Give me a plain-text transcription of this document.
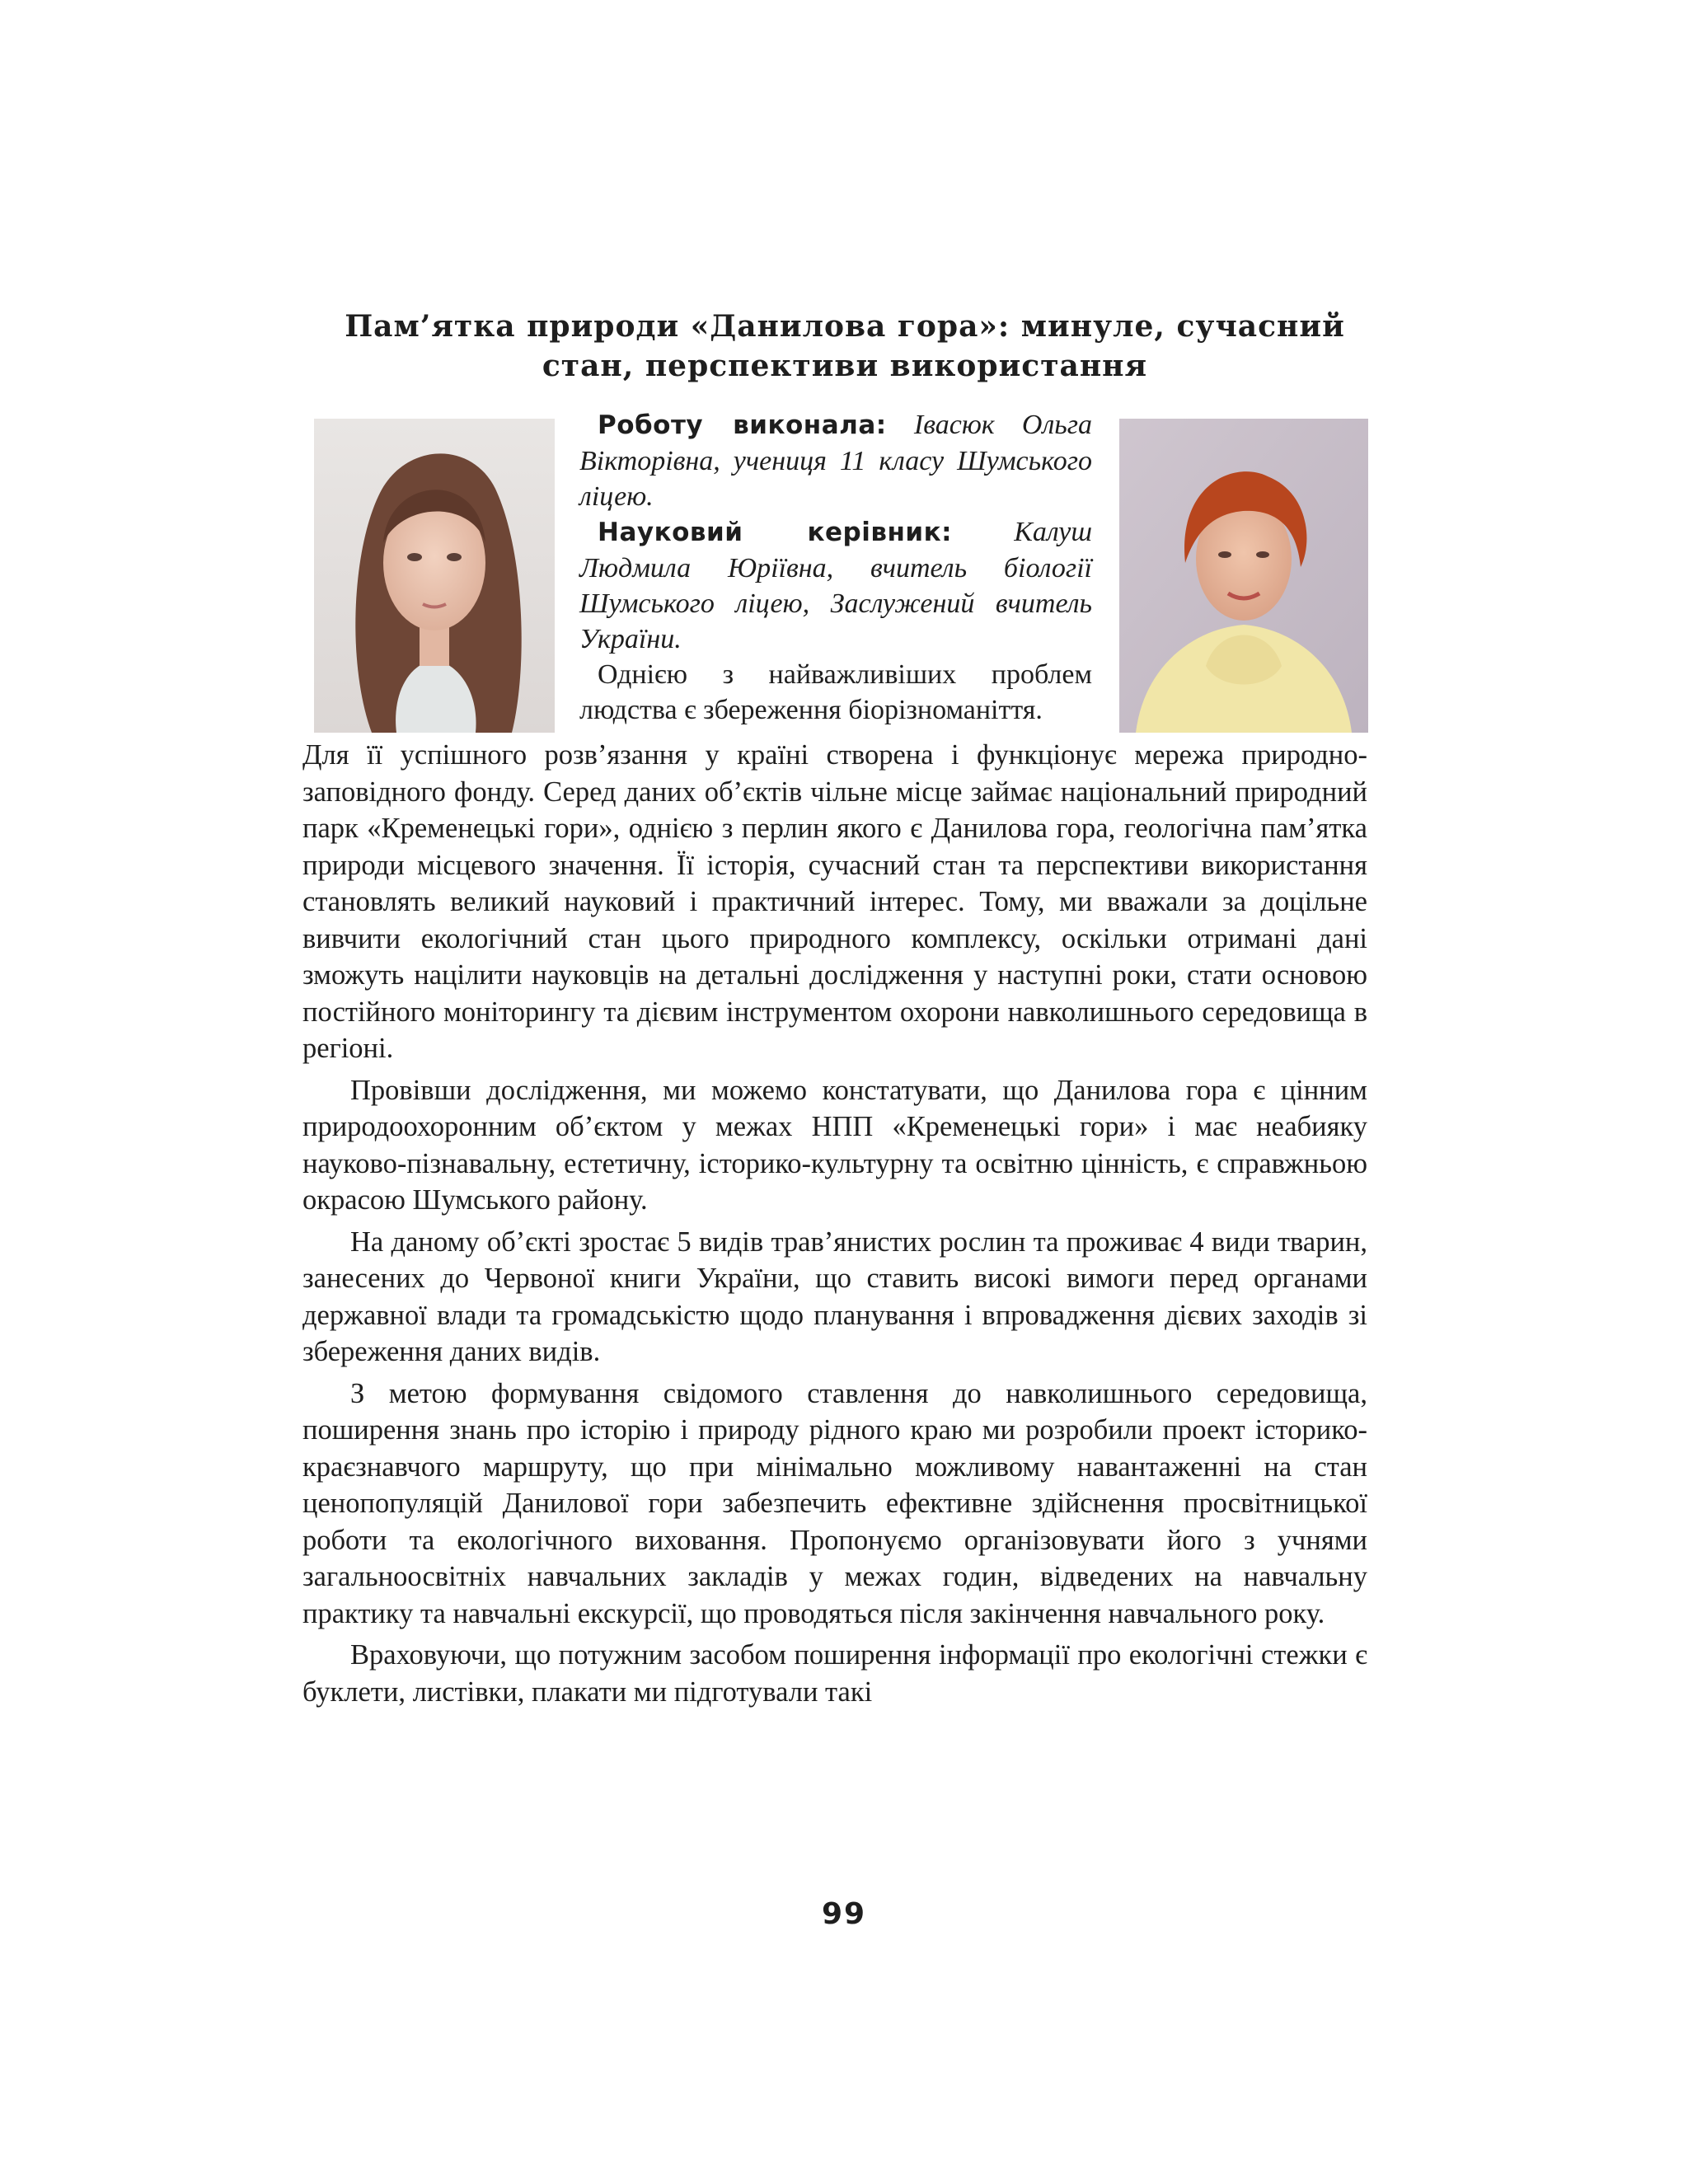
Пам’ятка природи «Данилова гора»: минуле, сучасний
стан, перспективи використання

Роботу виконала: Івасюк Ольга Вікторівна, учениця 11 класу Шумського ліцею.

Науковий керівник: Калуш Людмила Юріївна, вчитель біології Шумського ліцею, Заслужений вчитель України.

Однією з найважливіших проблем людства є збереження біорізноманіття.

Для її успішного розв’язання у країні створена і функціонує мережа природно-заповідного фонду. Серед даних об’єктів чільне місце займає національний природний парк «Кременецькі гори», однією з перлин якого є Данилова гора, геологічна пам’ятка природи місцевого значення. Її історія, сучасний стан та перспективи використання становлять великий науковий і практичний інтерес. Тому, ми вважали за доцільне вивчити екологічний стан цього природного комплексу, оскільки отримані дані зможуть націлити науковців на детальні дослідження у наступні роки, стати основою постійного моніторингу та дієвим інструментом охорони навколишнього середовища в регіоні.

Провівши дослідження, ми можемо констатувати, що Данилова гора є цінним природоохоронним об’єктом у межах НПП «Кременецькі гори» і має неабияку науково-пізнавальну, естетичну, історико-культурну та освітню цінність, є справжньою окрасою Шумського району.

На даному об’єкті зростає 5 видів трав’янистих рослин та проживає 4 види тварин, занесених до Червоної книги України, що ставить високі вимоги перед органами державної влади та громадськістю щодо планування і впровадження дієвих заходів зі збереження даних видів.

З метою формування свідомого ставлення до навколишнього середовища, поширення знань про історію і природу рідного краю ми розробили проект історико-краєзнавчого маршруту, що при мінімально можливому навантаженні на стан ценопопуляцій Данилової гори забезпечить ефективне здійснення просвітницької роботи та екологічного виховання. Пропонуємо організовувати його з учнями загальноосвітніх навчальних закладів у межах годин, відведених на навчальну практику та навчальні екскурсії, що проводяться після закінчення навчального року.

Враховуючи, що потужним засобом поширення інформації про екологічні стежки є буклети, листівки, плакати ми підготували такі

99
